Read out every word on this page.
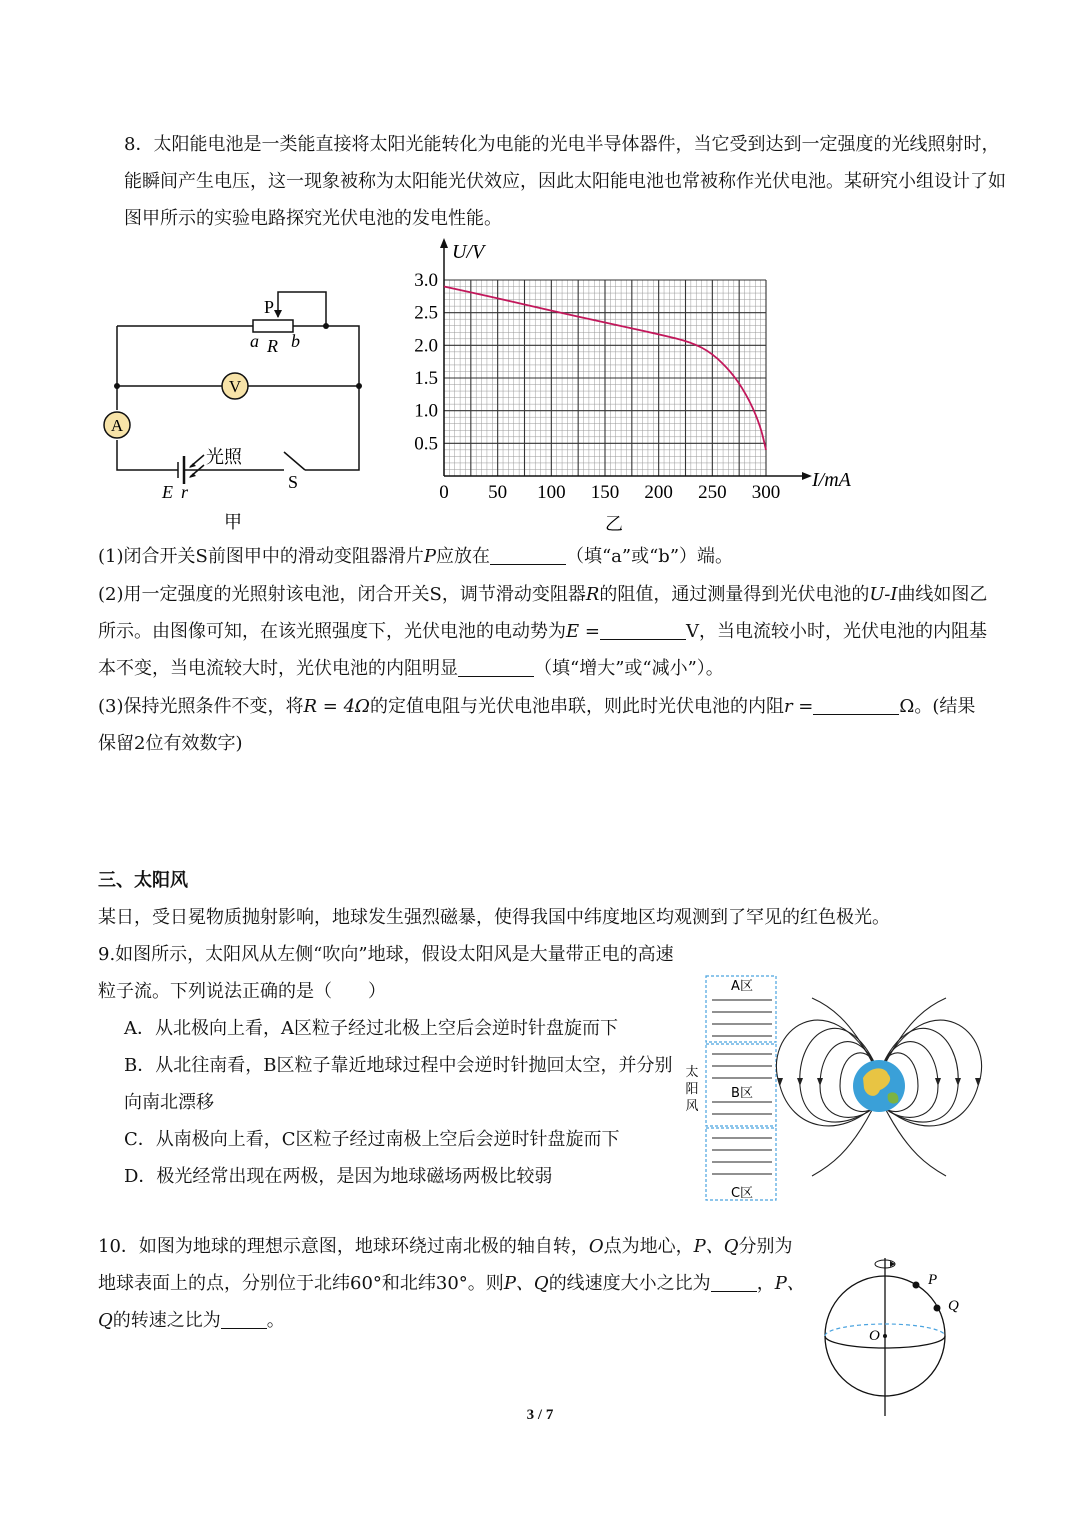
8．太阳能电池是一类能直接将太阳光能转化为电能的光电半导体器件，当它受到达到一定强度的光线照射时，能瞬间产生电压，这一现象被称为太阳能光伏效应，因此太阳能电池也常被称作光伏电池。某研究小组设计了如图甲所示的实验电路探究光伏电池的发电性能。

V
A
P
a R b
光照
E r	S
甲
U/V
I/mA
0 50 100 150 200 250 300
0.5
1.0
1.5
2.0
2.5
3.0
乙

(1)闭合开关S前图甲中的滑动变阻器滑片P应放在	（填“a”或“b”）端。

(2)用一定强度的光照射该电池，闭合开关S，调节滑动变阻器R的阻值，通过测量得到光伏电池的U-I曲线如图乙所示。由图像可知，在该光照强度下，光伏电池的电动势为E =	V，当电流较小时，光伏电池的内阻基本不变，当电流较大时，光伏电池的内阻明显	（填“增大”或“减小”）。

(3)保持光照条件不变，将R = 4Ω的定值电阻与光伏电池串联，则此时光伏电池的内阻r =	Ω。(结果保留2位有效数字)

三、太阳风

某日，受日冕物质抛射影响，地球发生强烈磁暴，使得我国中纬度地区均观测到了罕见的红色极光。

9.如图所示，太阳风从左侧“吹向”地球，假设太阳风是大量带正电的高速粒子流。下列说法正确的是（　　）

A．从北极向上看，A区粒子经过北极上空后会逆时针盘旋而下

B．从北往南看，B区粒子靠近地球过程中会逆时针抛回太空，并分别向南北漂移

C．从南极向上看，C区粒子经过南极上空后会逆时针盘旋而下

D．极光经常出现在两极，是因为地球磁场两极比较弱

A区
B区
C区
太
阳
风

10．如图为地球的理想示意图，地球环绕过南北极的轴自转，O点为地心，P、Q分别为地球表面上的点，分别位于北纬60°和北纬30°。则P、Q的线速度大小之比为	，P、Q的转速之比为	。

P
Q
O
3 / 7
